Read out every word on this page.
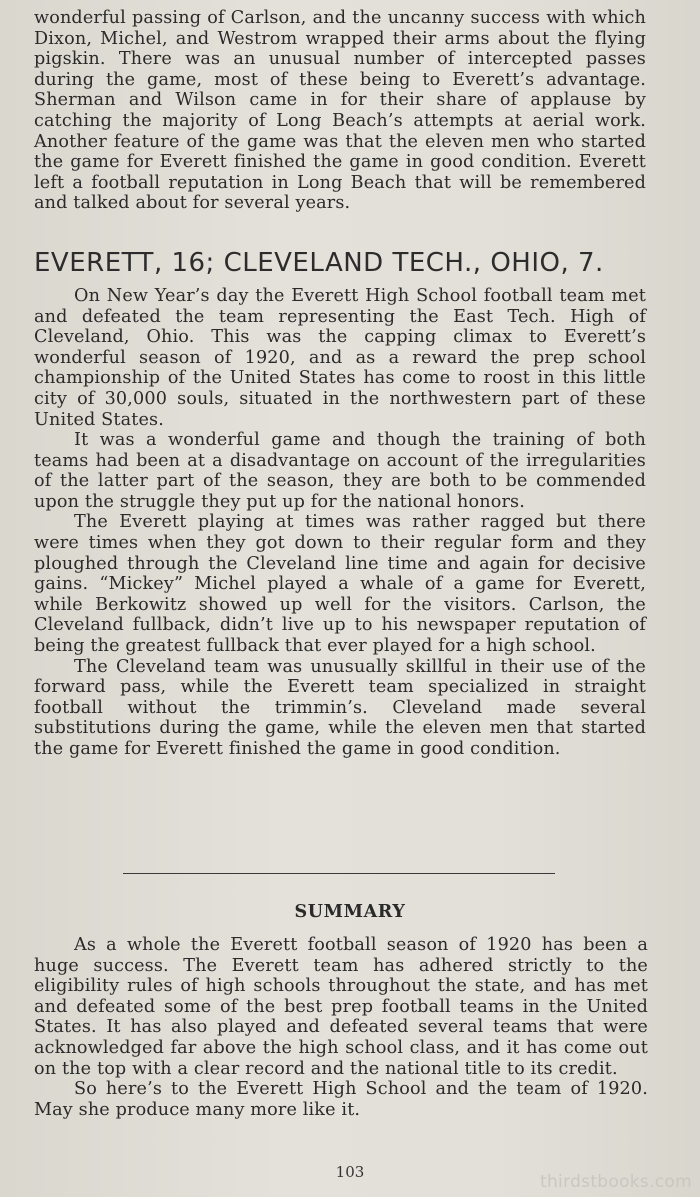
wonderful passing of Carlson, and the uncanny success with which Dixon, Michel, and Westrom wrapped their arms about the flying pigskin. There was an unusual number of intercepted passes during the game, most of these being to Everett’s advantage. Sherman and Wilson came in for their share of applause by catching the majority of Long Beach’s attempts at aerial work. Another feature of the game was that the eleven men who started the game for Everett finished the game in good condition. Everett left a football reputation in Long Beach that will be remembered and talked about for several years.

EVERETT, 16; CLEVELAND TECH., OHIO, 7.

On New Year’s day the Everett High School football team met and defeated the team representing the East Tech. High of Cleveland, Ohio. This was the capping climax to Everett’s wonderful season of 1920, and as a reward the prep school championship of the United States has come to roost in this little city of 30,000 souls, situated in the northwestern part of these United States.

It was a wonderful game and though the training of both teams had been at a disadvantage on account of the irregularities of the latter part of the season, they are both to be commended upon the struggle they put up for the national honors.

The Everett playing at times was rather ragged but there were times when they got down to their regular form and they ploughed through the Cleveland line time and again for decisive gains. “Mickey” Michel played a whale of a game for Everett, while Berkowitz showed up well for the visitors. Carlson, the Cleveland fullback, didn’t live up to his newspaper reputation of being the greatest fullback that ever played for a high school.

The Cleveland team was unusually skillful in their use of the forward pass, while the Everett team specialized in straight football without the trimmin’s. Cleveland made several substitutions during the game, while the eleven men that started the game for Everett finished the game in good condition.

SUMMARY

As a whole the Everett football season of 1920 has been a huge success. The Everett team has adhered strictly to the eligibility rules of high schools throughout the state, and has met and defeated some of the best prep football teams in the United States. It has also played and defeated several teams that were acknowledged far above the high school class, and it has come out on the top with a clear record and the national title to its credit.

So here’s to the Everett High School and the team of 1920. May she produce many more like it.

103	thirdstbooks.com
